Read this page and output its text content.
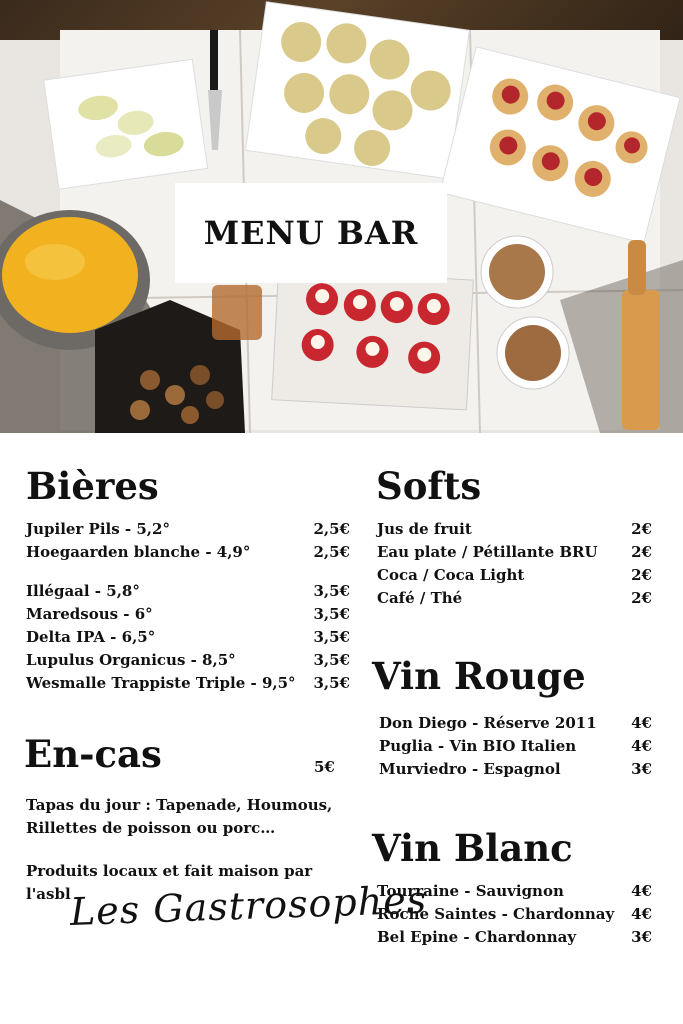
MENU BAR
Bières
Jupiler Pils - 5,2°	2,5€
Hoegaarden blanche - 4,9°	2,5€
Illégaal - 5,8°	3,5€
Maredsous - 6°	3,5€
Delta IPA - 6,5°	3,5€
Lupulus Organicus - 8,5°	3,5€
Wesmalle Trappiste Triple - 9,5° 3,5€
En-cas	5€

Tapas du jour : Tapenade, Houmous,
Rillettes de poisson ou porc…

Produits locaux et fait maison par
l'asbl

Les Gastrosophes
Softs
Jus de fruit	2€
Eau plate / Pétillante BRU 2€
Coca / Coca Light	2€
Café / Thé	2€
Vin Rouge
Don Diego - Réserve 2011 4€
Puglia - Vin BIO Italien	4€
Murviedro - Espagnol	3€
Vin Blanc
Tourraine - Sauvignon	4€
Roche Saintes - Chardonnay 4€
Bel Epine - Chardonnay	3€
